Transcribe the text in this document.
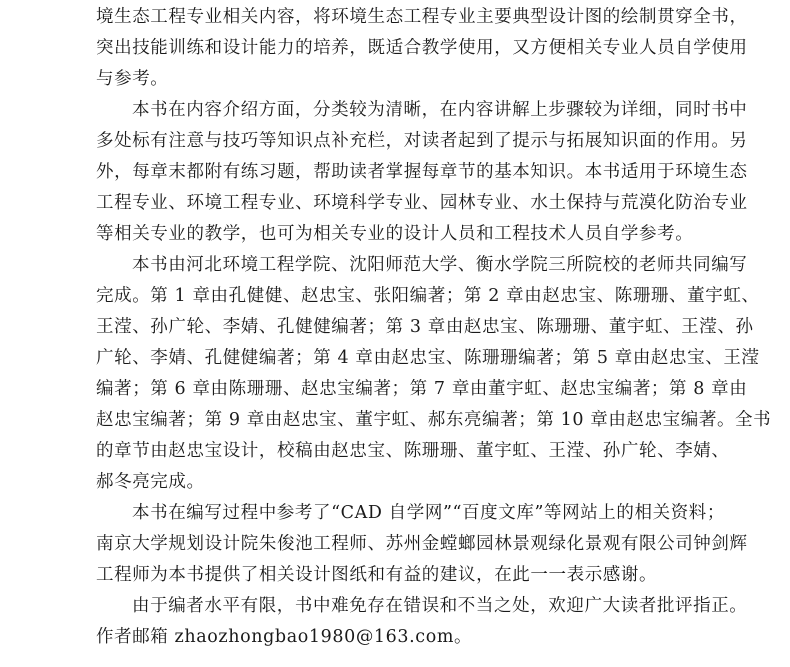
境生态工程专业相关内容，将环境生态工程专业主要典型设计图的绘制贯穿全书，
突出技能训练和设计能力的培养，既适合教学使用，又方便相关专业人员自学使用
与参考。
本书在内容介绍方面，分类较为清晰，在内容讲解上步骤较为详细，同时书中
多处标有注意与技巧等知识点补充栏，对读者起到了提示与拓展知识面的作用。另
外，每章末都附有练习题，帮助读者掌握每章节的基本知识。本书适用于环境生态
工程专业、环境工程专业、环境科学专业、园林专业、水土保持与荒漠化防治专业
等相关专业的教学，也可为相关专业的设计人员和工程技术人员自学参考。
本书由河北环境工程学院、沈阳师范大学、衡水学院三所院校的老师共同编写
完成。第 1 章由孔健健、赵忠宝、张阳编著；第 2 章由赵忠宝、陈珊珊、董宇虹、
王滢、孙广轮、李婧、孔健健编著；第 3 章由赵忠宝、陈珊珊、董宇虹、王滢、孙
广轮、李婧、孔健健编著；第 4 章由赵忠宝、陈珊珊编著；第 5 章由赵忠宝、王滢
编著；第 6 章由陈珊珊、赵忠宝编著；第 7 章由董宇虹、赵忠宝编著；第 8 章由
赵忠宝编著；第 9 章由赵忠宝、董宇虹、郝东亮编著；第 10 章由赵忠宝编著。全书
的章节由赵忠宝设计，校稿由赵忠宝、陈珊珊、董宇虹、王滢、孙广轮、李婧、
郝冬亮完成。
本书在编写过程中参考了“CAD 自学网”“百度文库”等网站上的相关资料；
南京大学规划设计院朱俊池工程师、苏州金螳螂园林景观绿化景观有限公司钟剑辉
工程师为本书提供了相关设计图纸和有益的建议，在此一一表示感谢。
由于编者水平有限，书中难免存在错误和不当之处，欢迎广大读者批评指正。
作者邮箱 zhaozhongbao1980@163.com。
